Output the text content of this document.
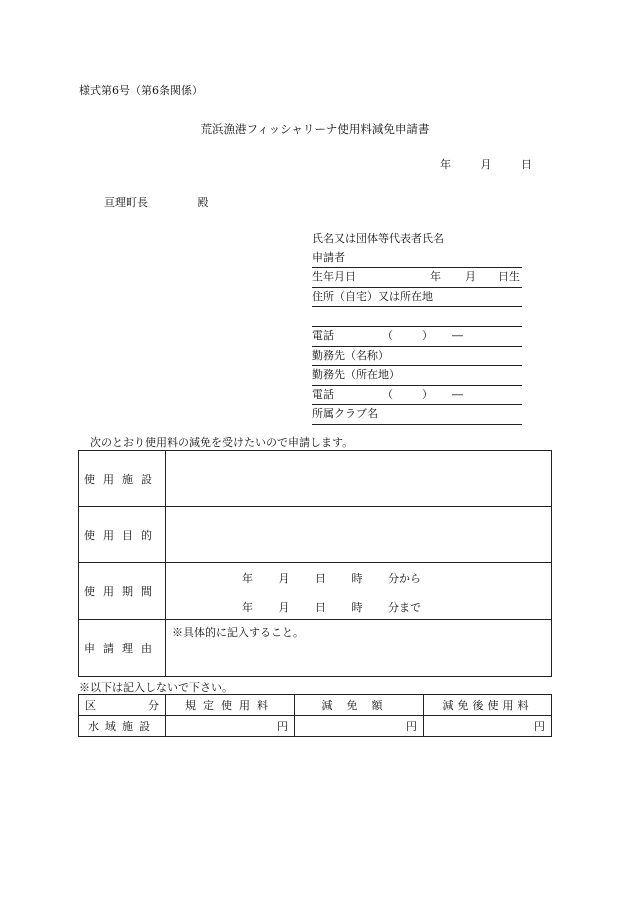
様式第6号（第6条関係）
荒浜漁港フィッシャリーナ使用料減免申請書
年	月	日
亘理町長	殿
氏名又は団体等代表者氏名
申請者
生年月日	年 月 日生
住所（自宅）又は所在地
電話	（	） ―
勤務先（名称）
勤務先（所在地）
電話	（	） ―
所属クラブ名
次のとおり使用料の減免を受けたいので申請します。
使用施設	
使用目的	
使用期間	年 月 日 時 分から
年 月 日 時 分まで

申請理由	※具体的に記入すること。
※以下は記入しないで下さい。
区 分	規定使用料	減免額	減免後使用料
水域施設	円	円	円
